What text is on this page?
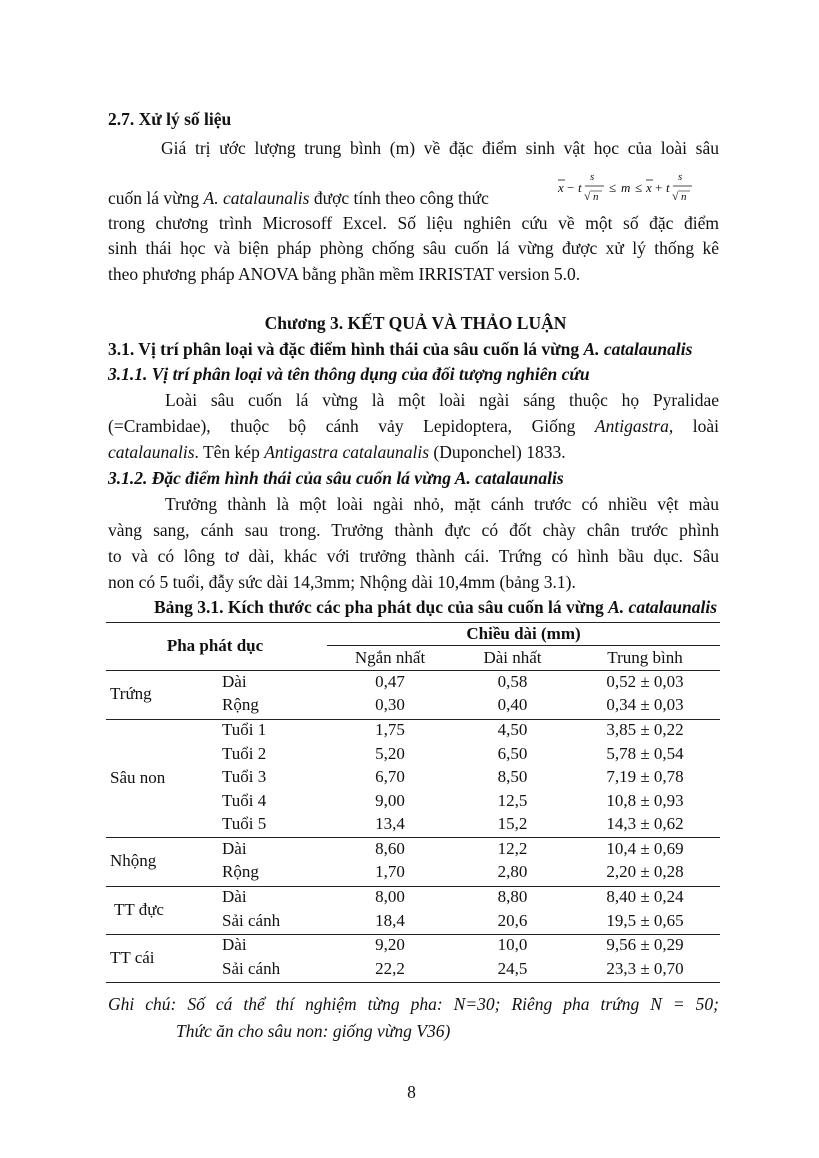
2.7. Xử lý số liệu
Giá trị ước lượng trung bình (m) về đặc điểm sinh vật học của loài sâu
cuốn lá vừng A. catalaunalis được tính theo công thức
x − t
s
√ n
≤ m ≤ x + t
s
√ n
trong chương trình Microsoff Excel. Số liệu nghiên cứu về một số đặc điểm
sinh thái học và biện pháp phòng chống sâu cuốn lá vừng được xử lý thống kê
theo phương pháp ANOVA bằng phần mềm IRRISTAT version 5.0.
Chương 3. KẾT QUẢ VÀ THẢO LUẬN
3.1. Vị trí phân loại và đặc điểm hình thái của sâu cuốn lá vừng A. catalaunalis
3.1.1. Vị trí phân loại và tên thông dụng của đối tượng nghiên cứu
Loài sâu cuốn lá vừng là một loài ngài sáng thuộc họ Pyralidae
(=Crambidae), thuộc bộ cánh vảy Lepidoptera, Giống Antigastra, loài
catalaunalis. Tên kép Antigastra catalaunalis (Duponchel) 1833.
3.1.2. Đặc điểm hình thái của sâu cuốn lá vừng A. catalaunalis
Trưởng thành là một loài ngài nhỏ, mặt cánh trước có nhiều vệt màu
vàng sang, cánh sau trong. Trưởng thành đực có đốt chày chân trước phình
to và có lông tơ dài, khác với trưởng thành cái. Trứng có hình bầu dục. Sâu
non có 5 tuổi, đẫy sức dài 14,3mm; Nhộng dài 10,4mm (bảng 3.1).
Bảng 3.1. Kích thước các pha phát dục của sâu cuốn lá vừng A. catalaunalis
Pha phát dục
Chiều dài (mm)
Ngắn nhất	Dài nhất	Trung bình
Trứng
Dài	0,47	0,58	0,52 ± 0,03
Rộng	0,30	0,40	0,34 ± 0,03
Sâu non
Tuổi 1	1,75	4,50	3,85 ± 0,22
Tuổi 2	5,20	6,50	5,78 ± 0,54
Tuổi 3	6,70	8,50	7,19 ± 0,78
Tuổi 4	9,00	12,5	10,8 ± 0,93
Tuổi 5	13,4	15,2	14,3 ± 0,62
Nhộng
Dài	8,60	12,2	10,4 ± 0,69
Rộng	1,70	2,80	2,20 ± 0,28
TT đực
Dài	8,00	8,80	8,40 ± 0,24
Sải cánh	18,4	20,6	19,5 ± 0,65
TT cái
Dài	9,20	10,0	9,56 ± 0,29
Sải cánh	22,2	24,5	23,3 ± 0,70
Ghi chú: Số cá thể thí nghiệm từng pha: N=30; Riêng pha trứng N = 50;
Thức ăn cho sâu non: giống vừng V36)
8
